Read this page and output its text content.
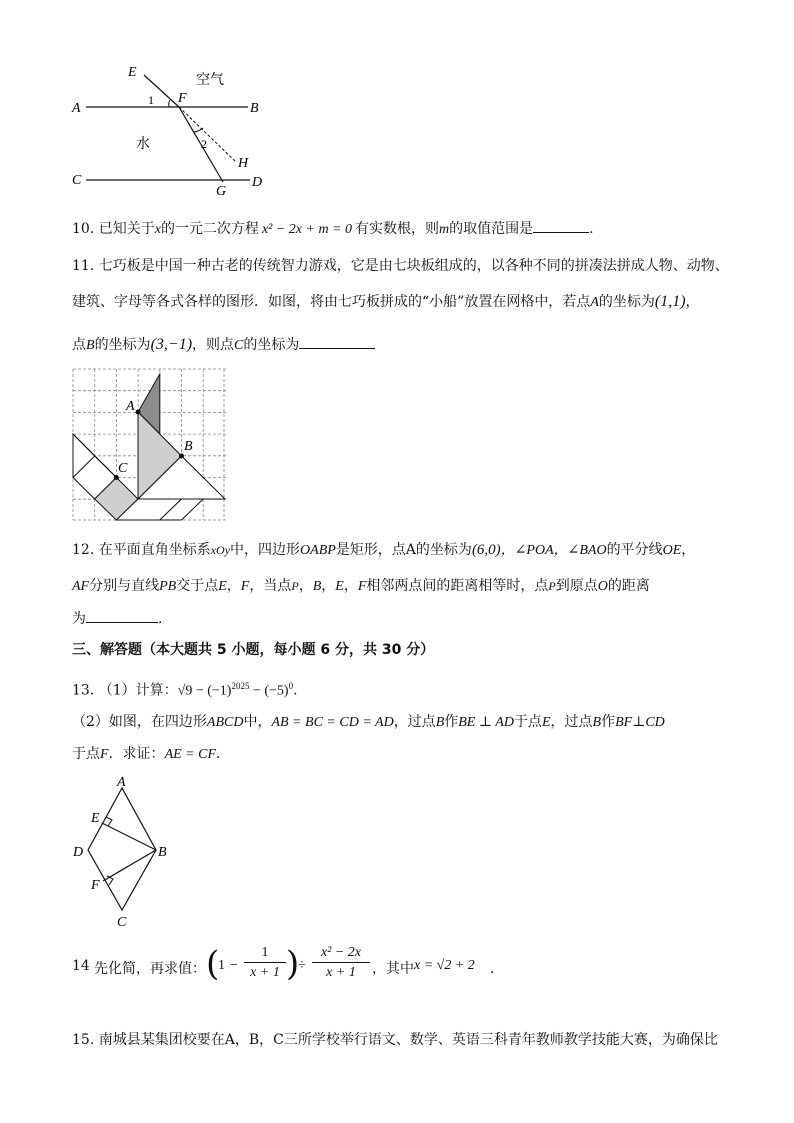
E
F
A	B
C	D
G
H
1
2
空气
水
10. 已知关于x的一元二次方程 x² − 2x + m = 0 有实数根，则m的取值范围是	.
11. 七巧板是中国一种古老的传统智力游戏，它是由七块板组成的，以各种不同的拼凑法拼成人物、动物、
建筑、字母等各式各样的图形．如图，将由七巧板拼成的“小船”放置在网格中，若点A的坐标为(1,1)，
点B的坐标为(3,−1)，则点C的坐标为
A
B
C
12. 在平面直角坐标系xOy中，四边形OABP是矩形，点A的坐标为(6,0)，∠POA，∠BAO的平分线OE，
AF分别与直线PB交于点E，F，当点P，B，E，F相邻两点间的距离相等时，点P到原点O的距离
为	.
三、解答题（本大题共 5 小题，每小题 6 分，共 30 分）
13. （1）计算：$√9 - (-1)^{2025} - (-5)^0$.
（2）如图，在四边形ABCD中，AB = BC = CD = AD，过点B作BE ⊥ AD于点E，过点B作BF⊥CD
于点F．求证：AE = CF．
A
B
C
D
E
F
14 先化简，再求值： (
1 −
1
x + 1 )
÷
x² − 2x
x + 1	，其中 x = √2 + 2 ．
15. 南城县某集团校要在A，B，C三所学校举行语文、数学、英语三科青年教师教学技能大赛，为确保比
